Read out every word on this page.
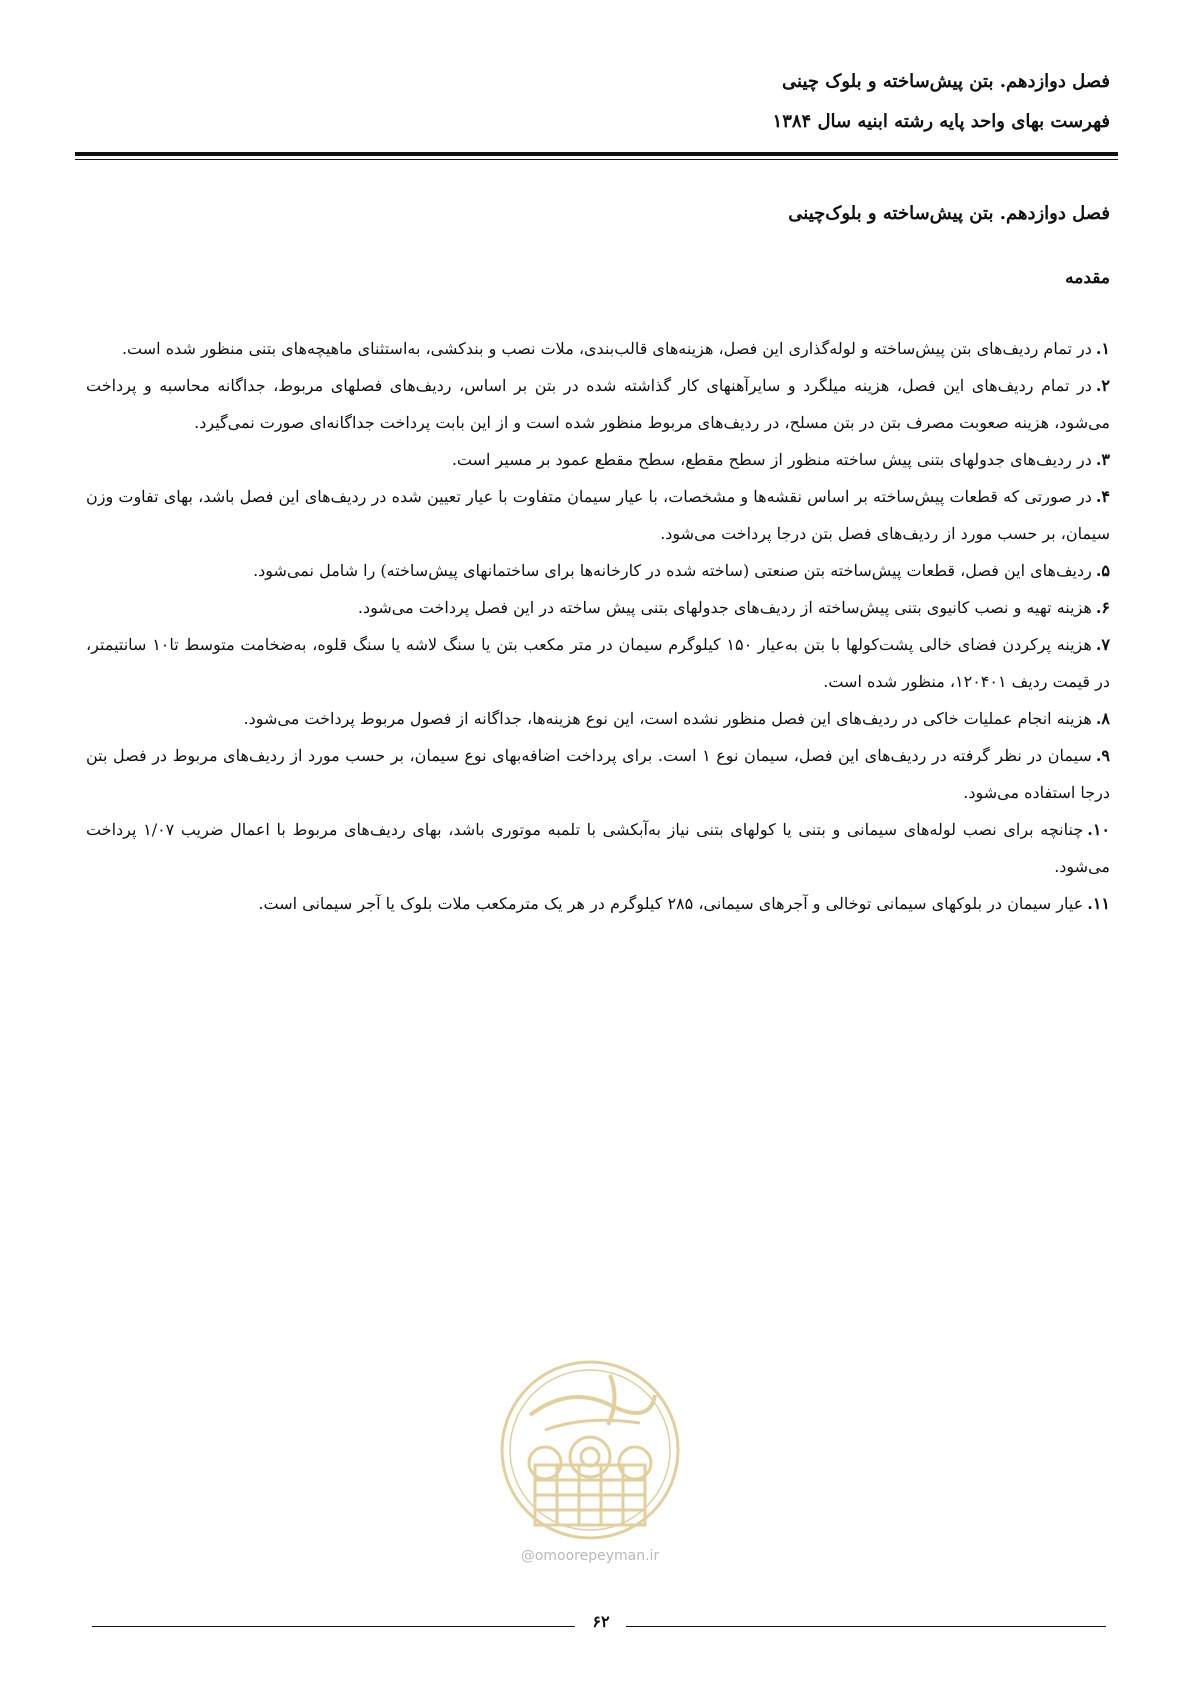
فصل دوازدهم. بتن پیش‌ساخته و بلوک چینی
فهرست بهای واحد پایه رشته ابنیه سال ۱۳۸۴
فصل دوازدهم. بتن پیش‌ساخته و بلوک‌چینی
مقدمه
۱.در تمام ردیف‌های بتن پیش‌ساخته و لوله‌گذاری این فصل، هزینه‌های قالب‌بندی، ملات نصب و بندکشی، به‌استثنای ماهیچه‌های بتنی منظور شده است.
۲.در تمام ردیف‌های این فصل، هزینه میلگرد و سایرآهنهای کار گذاشته شده در بتن بر اساس، ردیف‌های فصلهای مربوط، جداگانه محاسبه و پرداخت می‌شود، هزینه صعوبت مصرف بتن در بتن مسلح، در ردیف‌های مربوط منظور شده است و از این بابت پرداخت جداگانه‌ای صورت نمی‌گیرد.
۳.در ردیف‌های جدولهای بتنی پیش ساخته منظور از سطح مقطع، سطح مقطع عمود بر مسیر است.
۴.در صورتی که قطعات پیش‌ساخته بر اساس نقشه‌ها و مشخصات، با عیار سیمان متفاوت با عیار تعیین شده در ردیف‌های این فصل باشد، بهای تفاوت وزن سیمان، بر حسب مورد از ردیف‌های فصل بتن درجا پرداخت می‌شود.
۵.ردیف‌های این فصل، قطعات پیش‌ساخته بتن صنعتی (ساخته شده در کارخانه‌ها برای ساختمانهای پیش‌ساخته) را شامل نمی‌شود.
۶.هزینه تهیه و نصب کانیوی بتنی پیش‌ساخته از ردیف‌های جدولهای بتنی پیش ساخته در این فصل پرداخت می‌شود.
۷.هزینه پرکردن فضای خالی پشت‌کولها با بتن به‌عیار ۱۵۰ کیلوگرم سیمان در متر مکعب بتن یا سنگ لاشه یا سنگ قلوه، به‌ضخامت متوسط تا۱۰ سانتیمتر، در قیمت ردیف ۱۲۰۴۰۱، منظور شده است.
۸.هزینه انجام عملیات خاکی در ردیف‌های این فصل منظور نشده است، این نوع هزینه‌ها، جداگانه از فصول مربوط پرداخت می‌شود.
۹.سیمان در نظر گرفته در ردیف‌های این فصل، سیمان نوع ۱ است. برای پرداخت اضافه‌بهای نوع سیمان، بر حسب مورد از ردیف‌های مربوط در فصل بتن درجا استفاده می‌شود.
۱۰.چنانچه برای نصب لوله‌های سیمانی و بتنی یا کولهای بتنی نیاز به‌آبکشی با تلمبه موتوری باشد، بهای ردیف‌های مربوط با اعمال ضریب ۱/۰۷ پرداخت می‌شود.
۱۱.عیار سیمان در بلوکهای سیمانی توخالی و آجرهای سیمانی، ۲۸۵ کیلوگرم در هر یک مترمکعب ملات بلوک یا آجر سیمانی است.
@omoorepeyman.ir
۶۲
